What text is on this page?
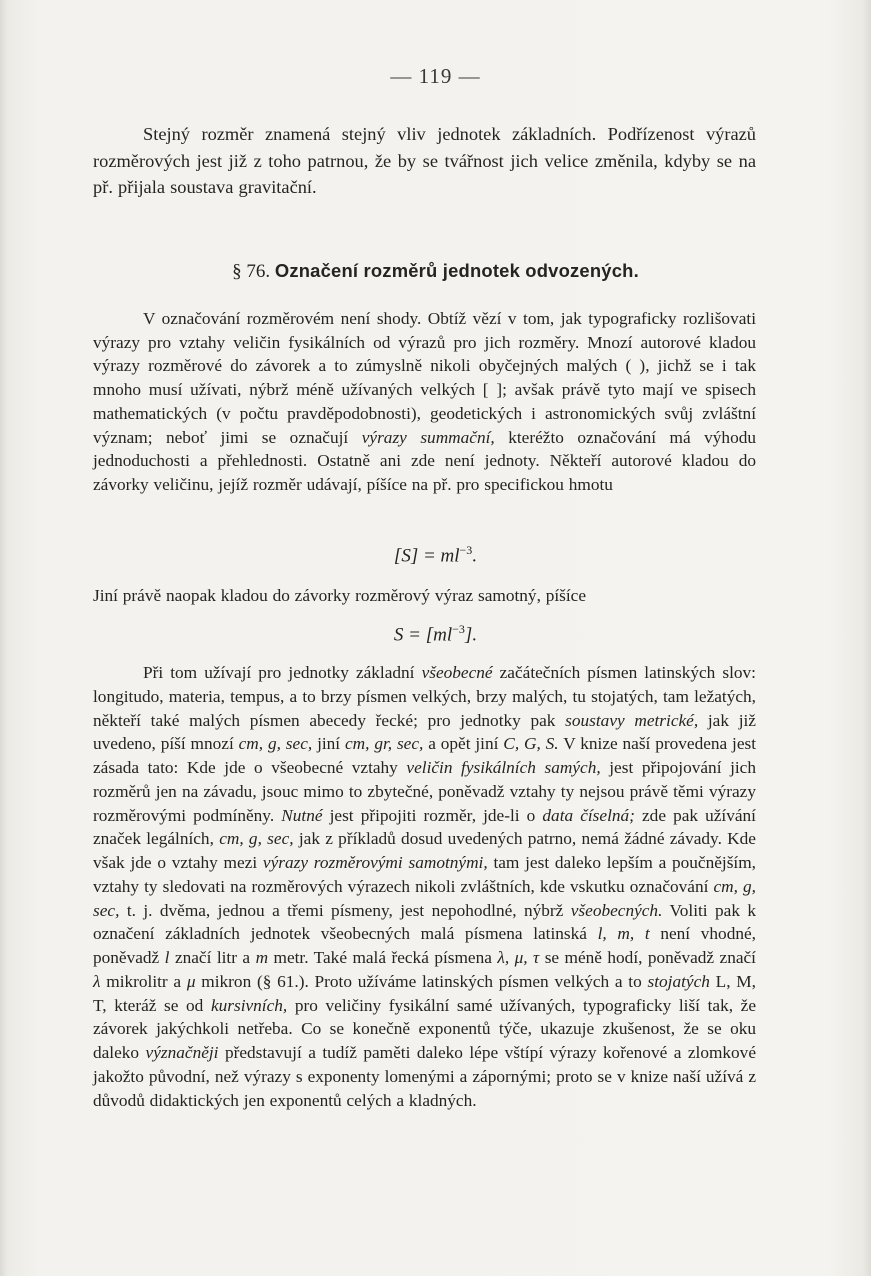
— 119 —

Stejný rozměr znamená stejný vliv jednotek základních. Podřízenost výrazů rozměrových jest již z toho patrnou, že by se tvářnost jich velice změnila, kdyby se na př. přijala soustava gravitační.

§ 76. Označení rozměrů jednotek odvozených.

V označování rozměrovém není shody. Obtíž vězí v tom, jak typograficky rozlišovati výrazy pro vztahy veličin fysikálních od výrazů pro jich rozměry. Mnozí autorové kladou výrazy rozměrové do závorek a to zúmyslně nikoli obyčejných malých ( ), jichž se i tak mnoho musí užívati, nýbrž méně užívaných velkých [ ]; avšak právě tyto mají ve spisech mathematických (v počtu pravděpodobnosti), geodetických i astronomických svůj zvláštní význam; neboť jimi se označují výrazy summační, kteréžto označování má výhodu jednoduchosti a přehlednosti. Ostatně ani zde není jednoty. Někteří autorové kladou do závorky veličinu, jejíž rozměr udávají, píšíce na př. pro specifickou hmotu

$[S] = ml^{-3}$.

Jiní právě naopak kladou do závorky rozměrový výraz samotný, píšíce

$S = [ml^{-3}]$.

Při tom užívají pro jednotky základní všeobecné začátečních písmen latinských slov: longitudo, materia, tempus, a to brzy písmen velkých, brzy malých, tu stojatých, tam ležatých, někteří také malých písmen abecedy řecké; pro jednotky pak soustavy metrické, jak již uvedeno, píší mnozí cm, g, sec, jiní cm, gr, sec, a opět jiní C, G, S. V knize naší provedena jest zásada tato: Kde jde o všeobecné vztahy veličin fysikálních samých, jest připojování jich rozměrů jen na závadu, jsouc mimo to zbytečné, poněvadž vztahy ty nejsou právě těmi výrazy rozměrovými podmíněny. Nutné jest připojiti rozměr, jde-li o data číselná; zde pak užívání značek legálních, cm, g, sec, jak z příkladů dosud uvedených patrno, nemá žádné závady. Kde však jde o vztahy mezi výrazy rozměrovými samotnými, tam jest daleko lepším a poučnějším, vztahy ty sledovati na rozměrových výrazech nikoli zvláštních, kde vskutku označování cm, g, sec, t. j. dvěma, jednou a třemi písmeny, jest nepohodlné, nýbrž všeobecných. Voliti pak k označení základních jednotek všeobecných malá písmena latinská l, m, t není vhodné, poněvadž l značí litr a m metr. Také malá řecká písmena λ, μ, τ se méně hodí, poněvadž značí λ mikrolitr a μ mikron (§ 61.). Proto užíváme latinských písmen velkých a to stojatých L, M, T, kteráž se od kursivních, pro veličiny fysikální samé užívaných, typograficky liší tak, že závorek jakýchkoli netřeba. Co se konečně exponentů týče, ukazuje zkušenost, že se oku daleko význačněji představují a tudíž paměti daleko lépe vštípí výrazy kořenové a zlomkové jakožto původní, než výrazy s exponenty lomenými a zápornými; proto se v knize naší užívá z důvodů didaktických jen exponentů celých a kladných.
